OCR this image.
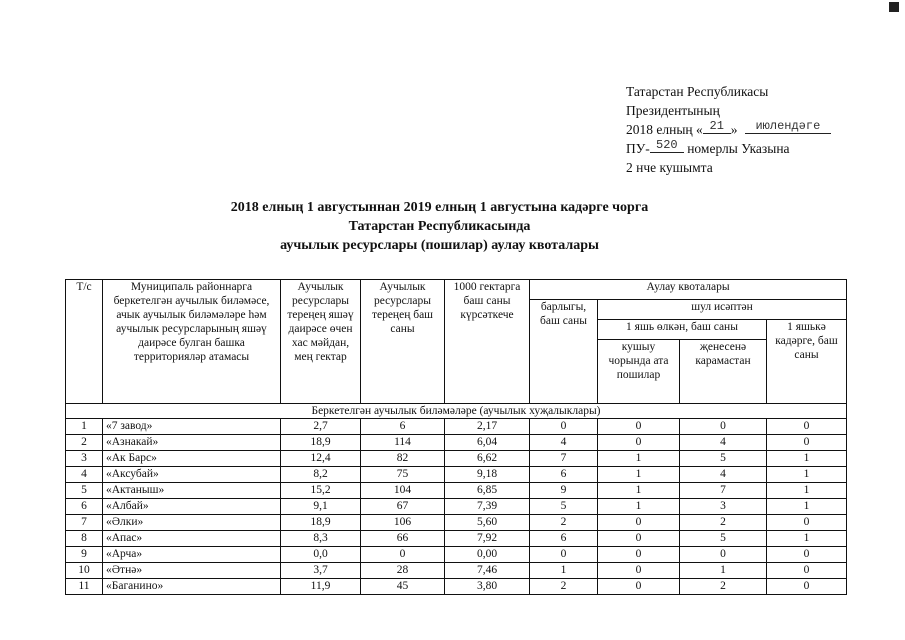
Татарстан Республикасы
Президентының
2018 елның « 21 » июлендәге
ПУ- 520 номерлы Указына
2 нче кушымта
2018 елның 1 августыннан 2019 елның 1 августына кадәрге чорга
Татарстан Республикасында
аучылык ресурслары (пошилар) аулау квоталары
Т/с	Муниципаль районнарга беркетелгән аучылык биләмәсе, ачык аучылык биләмәләре һәм аучылык ресурсларының яшәү даирәсе булган башка территорияләр атамасы	Аучылык ресурслары тереңeң яшәү даирәсе өчен хас мәйдан, мең гектар	Аучылык ресурслары тереңeң баш саны	1000 гектарга баш саны күрсәткече	Аулау квоталары			
					барлыгы, баш саны	шул исәптән		
						1 яшь өлкән, баш саны		1 яшькә кадәрге, баш саны
						кушыу чорында ата пошилар	җенесенә карамастан	
Беркетелгән аучылык биләмәләре (аучылык хуҗалыклары)								
1	«7 завод»	2,7	6	2,17	0	0	0	0
2	«Азнакай»	18,9	114	6,04	4	0	4	0
3	«Ак Барс»	12,4	82	6,62	7	1	5	1
4	«Аксубай»	8,2	75	9,18	6	1	4	1
5	«Актаныш»	15,2	104	6,85	9	1	7	1
6	«Албай»	9,1	67	7,39	5	1	3	1
7	«Әлки»	18,9	106	5,60	2	0	2	0
8	«Апас»	8,3	66	7,92	6	0	5	1
9	«Арча»	0,0	0	0,00	0	0	0	0
10	«Әтнә»	3,7	28	7,46	1	0	1	0
11	«Баганино»	11,9	45	3,80	2	0	2	0
